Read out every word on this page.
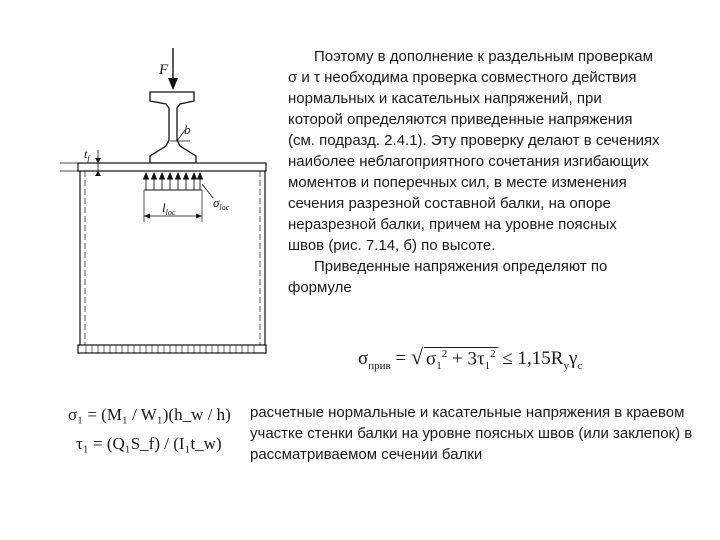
F
b
$t_f$
$\sigma_{loc}$
$l_{loc}$

Поэтому в дополнение к раздельным проверкам

σ и τ необходима проверка совместного действия
нормальных и касательных напряжений, при
которой определяются приведенные напряжения
(см. подразд. 2.4.1). Эту проверку делают в сечениях
наиболее неблагоприятного сочетания изгибающих
моментов и поперечных сил, в месте изменения
сечения разрезной составной балки, на опоре
неразрезной балки, причем на уровне поясных
швов (рис. 7.14, б) по высоте.

Приведенные напряжения определяют по

формуле
$\sigma_{прив}$ = √ $\sigma_1^2 + 3\tau_1^2 \le 1,15R_y\gamma_c$
σ₁ = (M₁ / W₁)(h_w / h)
τ₁ = (Q₁S_f) / (I₁t_w)

расчетные нормальные и касательные напряжения в краевом участке стенки балки на уровне поясных швов (или заклепок) в рассматриваемом сечении балки
